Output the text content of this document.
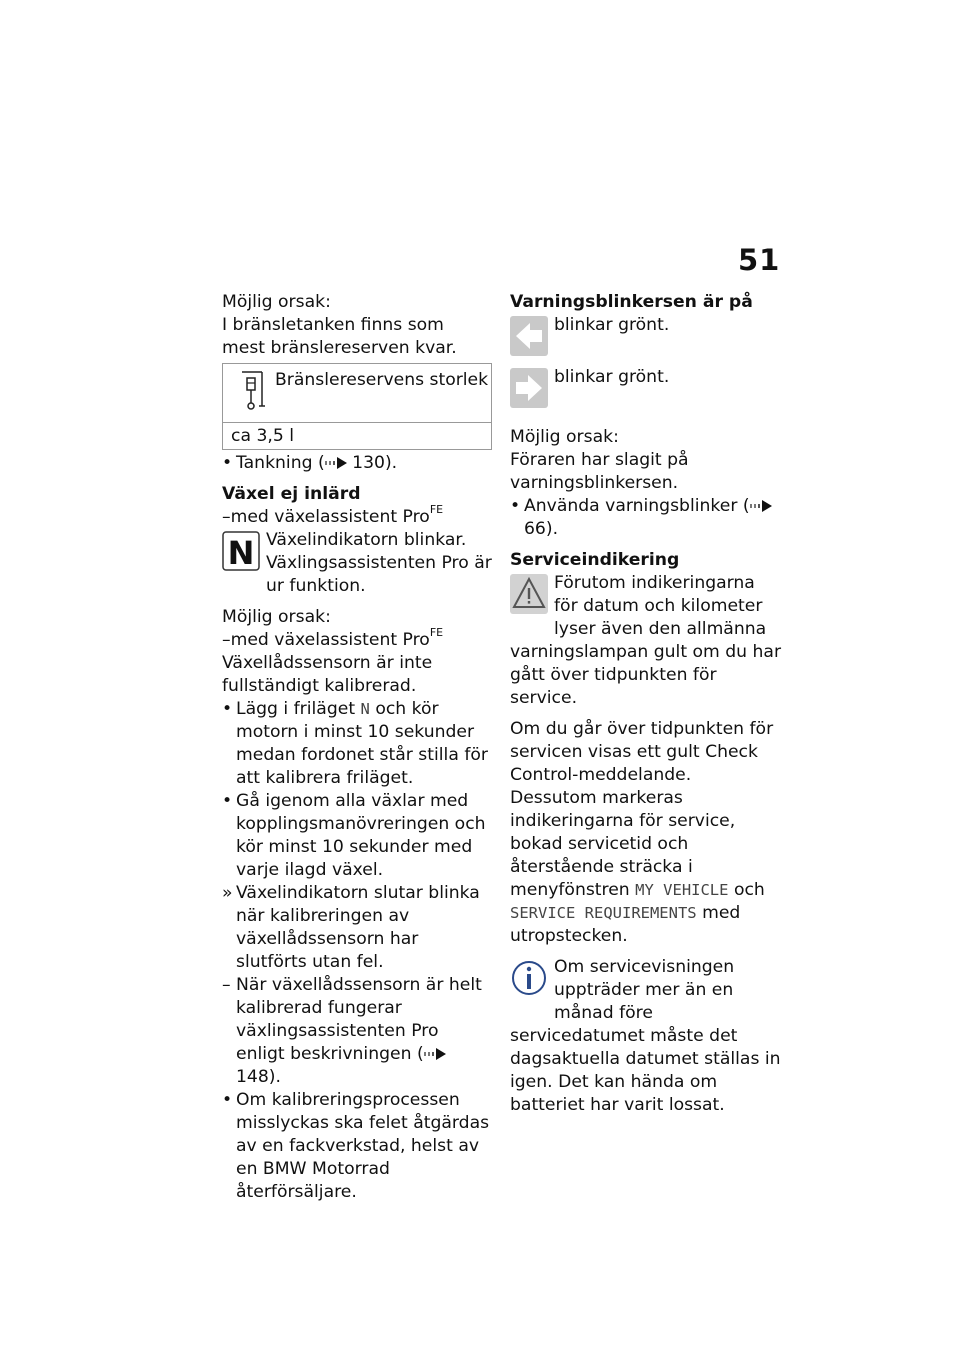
51

Möjlig orsak:

I bränsletanken finns som mest bränslereserven kvar.

Bränslereservens storlek
ca 3,5 l

• Tankning ( 130).

Växel ej inlärd

–med växelassistent Pro$^{FE}$

N Växelindikatorn blinkar.

Växlingsassistenten Pro är ur funktion.

Möjlig orsak:

–med växelassistent Pro$^{FE}$

Växellådssensorn är inte fullständigt kalibrerad.

• Lägg i friläget N och kör motorn i minst 10 sekunder medan fordonet står stilla för att kalibrera friläget.

• Gå igenom alla växlar med kopplingsmanövreringen och kör minst 10 sekunder med varje ilagd växel.

» Växelindikatorn slutar blinka när kalibreringen av växellådssensorn har slutförts utan fel.

– När växellådssensorn är helt kalibrerad fungerar växlingsassistenten Pro enligt beskrivningen ( 148).

• Om kalibreringsprocessen misslyckas ska felet åtgärdas av en fackverkstad, helst av en BMW Motorrad återförsäljare.

Varningsblinkersen är på

blinkar grönt.

blinkar grönt.

Möjlig orsak:

Föraren har slagit på varningsblinkersen.

• Använda varningsblinker ( 66).

Serviceindikering

Förutom indikeringarna för datum och kilometer lyser även den allmänna varningslampan gult om du har gått över tidpunkten för service.

Om du går över tidpunkten för servicen visas ett gult Check Control-meddelande. Dessutom markeras indikeringarna för service, bokad servicetid och återstående sträcka i menyfönstren MY VEHICLE och SERVICE REQUIREMENTS med utropstecken.

Om servicevisningen uppträder mer än en månad före servicedatumet måste det dagsaktuella datumet ställas in igen. Det kan hända om batteriet har varit lossat.
